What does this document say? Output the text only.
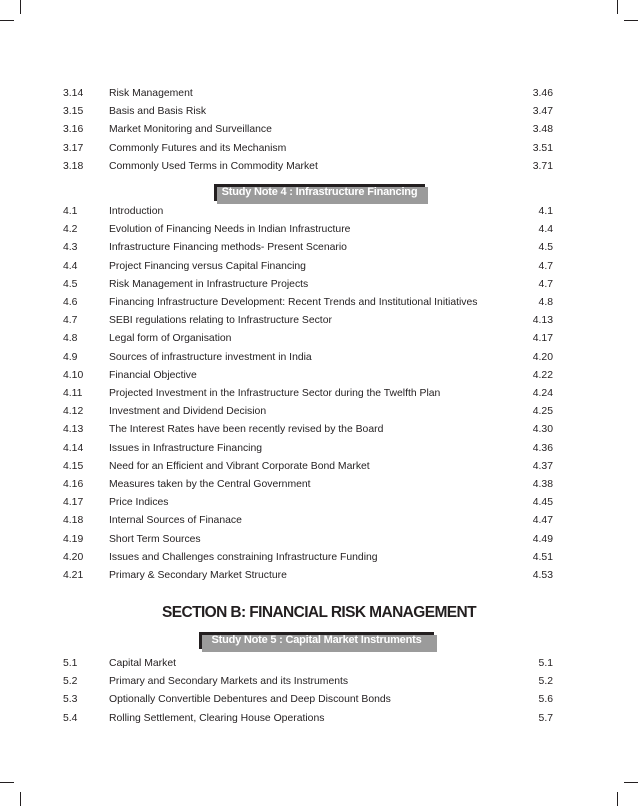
3.14 Risk Management	3.46
3.15 Basis and Basis Risk	3.47
3.16 Market Monitoring and Surveillance	3.48
3.17 Commonly Futures and its Mechanism	3.51
3.18 Commonly Used Terms in Commodity Market	3.71
Study Note 4 : Infrastructure Financing
4.1	Introduction	4.1
4.2	Evolution of Financing Needs in Indian Infrastructure	4.4
4.3	Infrastructure Financing methods- Present Scenario	4.5
4.4	Project Financing versus Capital Financing	4.7
4.5	Risk Management in Infrastructure Projects	4.7
4.6	Financing Infrastructure Development: Recent Trends and Institutional Initiatives	4.8
4.7	SEBI regulations relating to Infrastructure Sector	4.13
4.8	Legal form of Organisation	4.17
4.9	Sources of infrastructure investment in India	4.20
4.10 Financial Objective	4.22
4.11	Projected Investment in the Infrastructure Sector during the Twelfth Plan	4.24
4.12 Investment and Dividend Decision	4.25
4.13 The Interest Rates have been recently revised by the Board	4.30
4.14 Issues in Infrastructure Financing	4.36
4.15 Need for an Efficient and Vibrant Corporate Bond Market	4.37
4.16 Measures taken by the Central Government	4.38
4.17 Price Indices	4.45
4.18 Internal Sources of Finanace	4.47
4.19 Short Term Sources	4.49
4.20 Issues and Challenges constraining Infrastructure Funding	4.51
4.21 Primary & Secondary Market Structure	4.53
SECTION B: FINANCIAL RISK MANAGEMENT
Study Note 5 : Capital Market Instruments
5.1	Capital Market	5.1
5.2	Primary and Secondary Markets and its Instruments	5.2
5.3	Optionally Convertible Debentures and Deep Discount Bonds	5.6
5.4	Rolling Settlement, Clearing House Operations	5.7
